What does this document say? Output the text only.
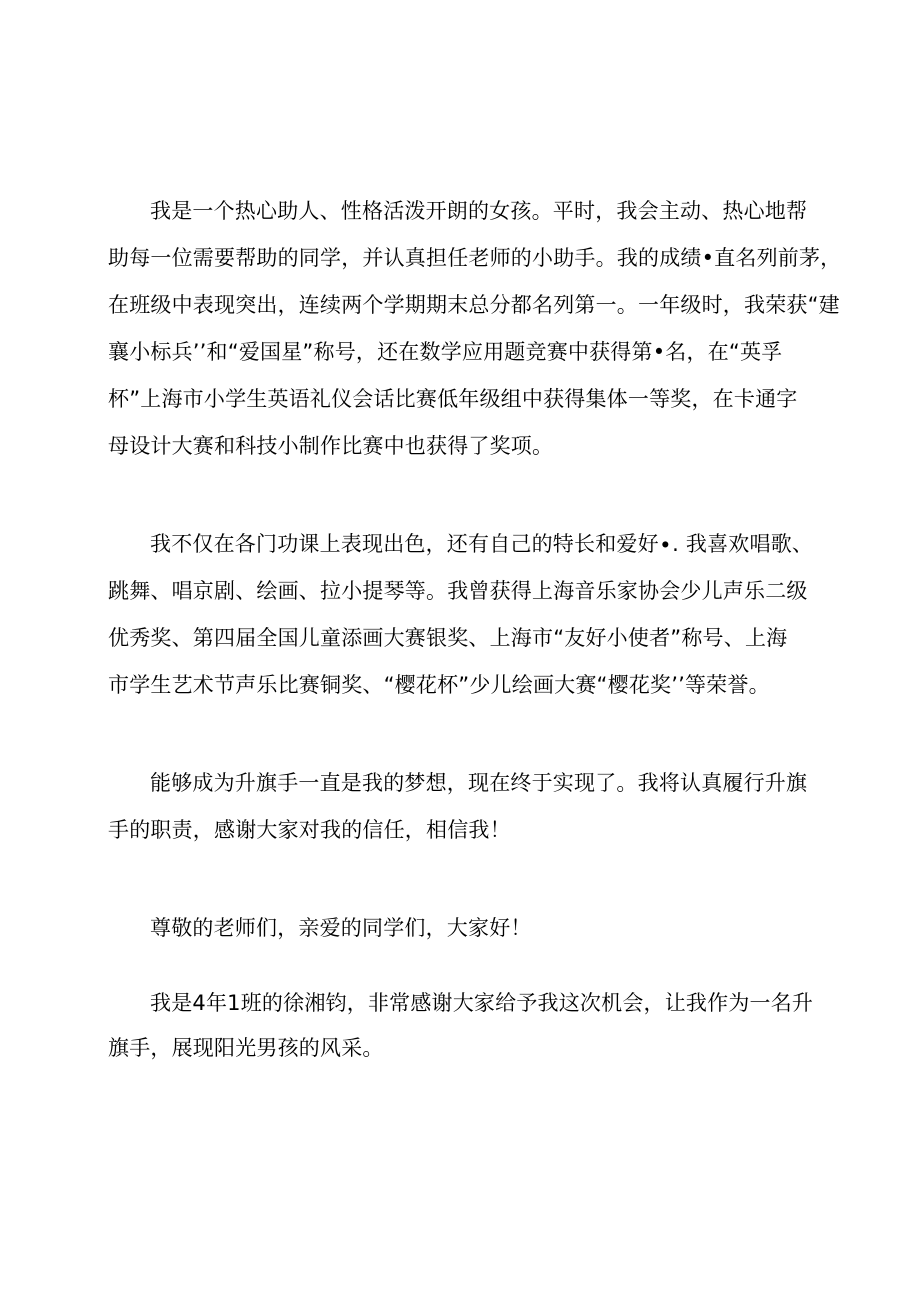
我是一个热心助人、性格活泼开朗的女孩。平时，我会主动、热心地帮
助每一位需要帮助的同学，并认真担任老师的小助手。我的成绩•直名列前茅，
在班级中表现突出，连续两个学期期末总分都名列第一。一年级时，我荣获“建
襄小标兵’’和“爱国星”称号，还在数学应用题竞赛中获得第•名，在“英孚
杯”上海市小学生英语礼仪会话比赛低年级组中获得集体一等奖，在卡通字
母设计大赛和科技小制作比赛中也获得了奖项。
我不仅在各门功课上表现出色，还有自己的特长和爱好∙. 我喜欢唱歌、
跳舞、唱京剧、绘画、拉小提琴等。我曾获得上海音乐家协会少儿声乐二级
优秀奖、第四届全国儿童添画大赛银奖、上海市“友好小使者”称号、上海
市学生艺术节声乐比赛铜奖、“樱花杯”少儿绘画大赛“樱花奖’’等荣誉。
能够成为升旗手一直是我的梦想，现在终于实现了。我将认真履行升旗
手的职责，感谢大家对我的信任，相信我！
尊敬的老师们，亲爱的同学们，大家好！
我是4年1班的徐湘钧，非常感谢大家给予我这次机会，让我作为一名升
旗手，展现阳光男孩的风采。
